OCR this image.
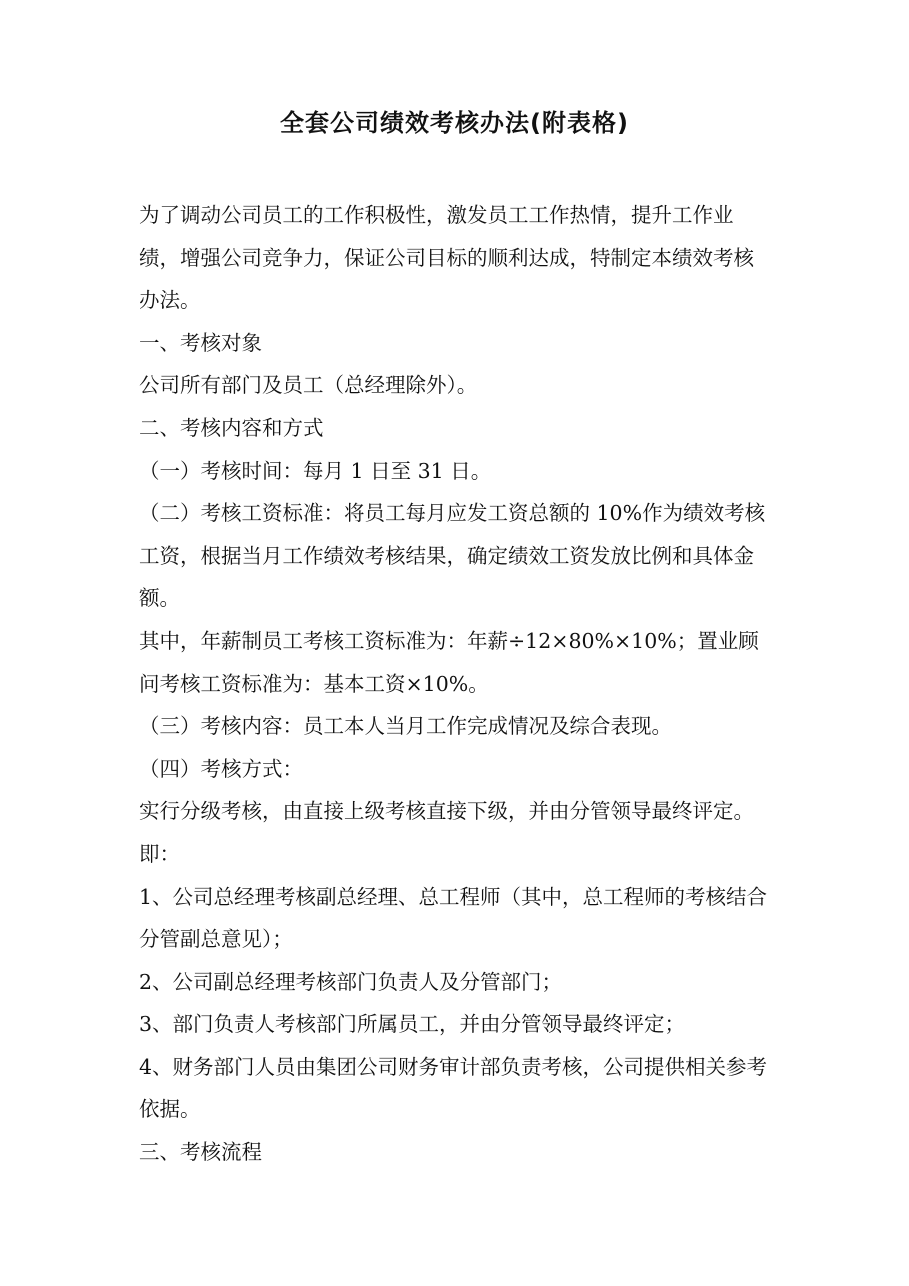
全套公司绩效考核办法(附表格)

为了调动公司员工的工作积极性，激发员工工作热情，提升工作业绩，增强公司竞争力，保证公司目标的顺利达成，特制定本绩效考核办法。

一、考核对象

公司所有部门及员工（总经理除外）。

二、考核内容和方式

（一）考核时间：每月 1 日至 31 日。

（二）考核工资标准：将员工每月应发工资总额的 10%作为绩效考核工资，根据当月工作绩效考核结果，确定绩效工资发放比例和具体金额。

其中，年薪制员工考核工资标准为：年薪÷12×80%×10%；置业顾问考核工资标准为：基本工资×10%。

（三）考核内容：员工本人当月工作完成情况及综合表现。

（四）考核方式：

实行分级考核，由直接上级考核直接下级，并由分管领导最终评定。即：

1、公司总经理考核副总经理、总工程师（其中，总工程师的考核结合分管副总意见）；

2、公司副总经理考核部门负责人及分管部门；

3、部门负责人考核部门所属员工，并由分管领导最终评定；

4、财务部门人员由集团公司财务审计部负责考核，公司提供相关参考依据。

三、考核流程
